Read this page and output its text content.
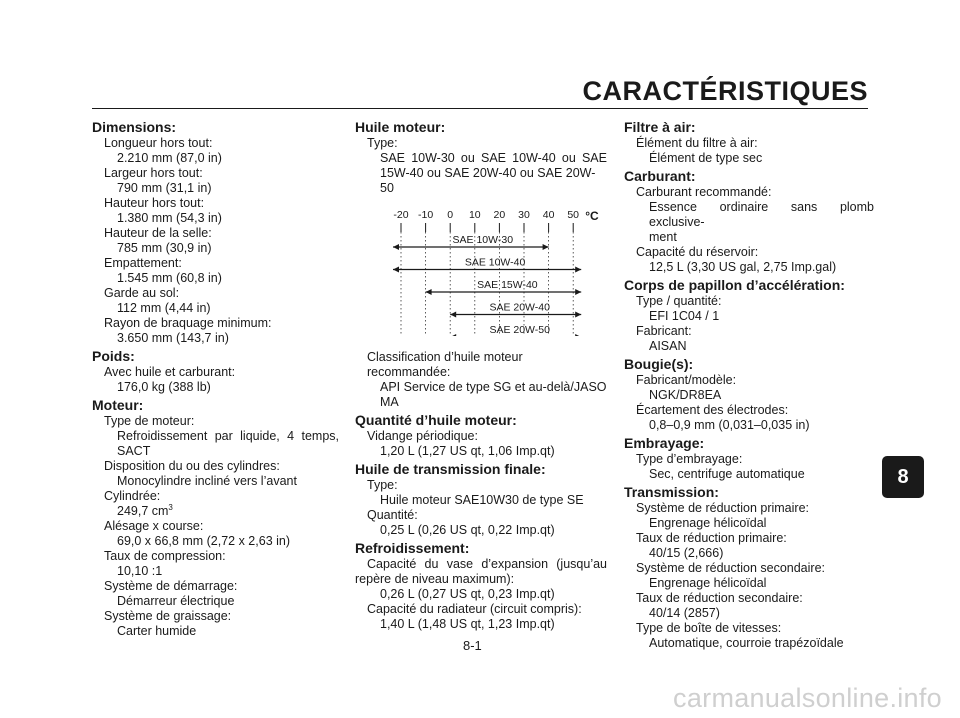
CARACTÉRISTIQUES
Dimensions:
Longueur hors tout:
2.210 mm (87,0 in)
Largeur hors tout:
790 mm (31,1 in)
Hauteur hors tout:
1.380 mm (54,3 in)
Hauteur de la selle:
785 mm (30,9 in)
Empattement:
1.545 mm (60,8 in)
Garde au sol:
112 mm (4,44 in)
Rayon de braquage minimum:
3.650 mm (143,7 in)
Poids:
Avec huile et carburant:
176,0 kg (388 lb)
Moteur:
Type de moteur:
Refroidissement par liquide, 4 temps,
SACT
Disposition du ou des cylindres:
Monocylindre incliné vers l’avant
Cylindrée:
249,7 $cm^3$
Alésage x course:
69,0 x 66,8 mm (2,72 x 2,63 in)
Taux de compression:
10,10 :1
Système de démarrage:
Démarreur électrique
Système de graissage:
Carter humide
Huile moteur:
Type:
SAE 10W-30 ou SAE 10W-40 ou SAE
15W-40 ou SAE 20W-40 ou SAE 20W-50
-20 -10 0 10 20 30 40 50 °C
SAE 10W-30
SAE 10W-40
SAE 15W-40
SAE 20W-40
SAE 20W-50
Classification d’huile moteur recommandée:
API Service de type SG et au-delà/JASO
MA
Quantité d’huile moteur:
Vidange périodique:
1,20 L (1,27 US qt, 1,06 Imp.qt)
Huile de transmission finale:
Type:
Huile moteur SAE10W30 de type SE
Quantité:
0,25 L (0,26 US qt, 0,22 Imp.qt)
Refroidissement:
Capacité du vase d’expansion (jusqu’au
repère de niveau maximum):
0,26 L (0,27 US qt, 0,23 Imp.qt)
Capacité du radiateur (circuit compris):
1,40 L (1,48 US qt, 1,23 Imp.qt)
Filtre à air:
Élément du filtre à air:
Élément de type sec
Carburant:
Carburant recommandé:
Essence ordinaire sans plomb exclusive-
ment
Capacité du réservoir:
12,5 L (3,30 US gal, 2,75 Imp.gal)
Corps de papillon d’accélération:
Type / quantité:
EFI 1C04 / 1
Fabricant:
AISAN
Bougie(s):
Fabricant/modèle:
NGK/DR8EA
Écartement des électrodes:
0,8–0,9 mm (0,031–0,035 in)
Embrayage:
Type d’embrayage:
Sec, centrifuge automatique
Transmission:
Système de réduction primaire:
Engrenage hélicoïdal
Taux de réduction primaire:
40/15 (2,666)
Système de réduction secondaire:
Engrenage hélicoïdal
Taux de réduction secondaire:
40/14 (2857)
Type de boîte de vitesses:
Automatique, courroie trapézoïdale
8
8-1
carmanualsonline.info
